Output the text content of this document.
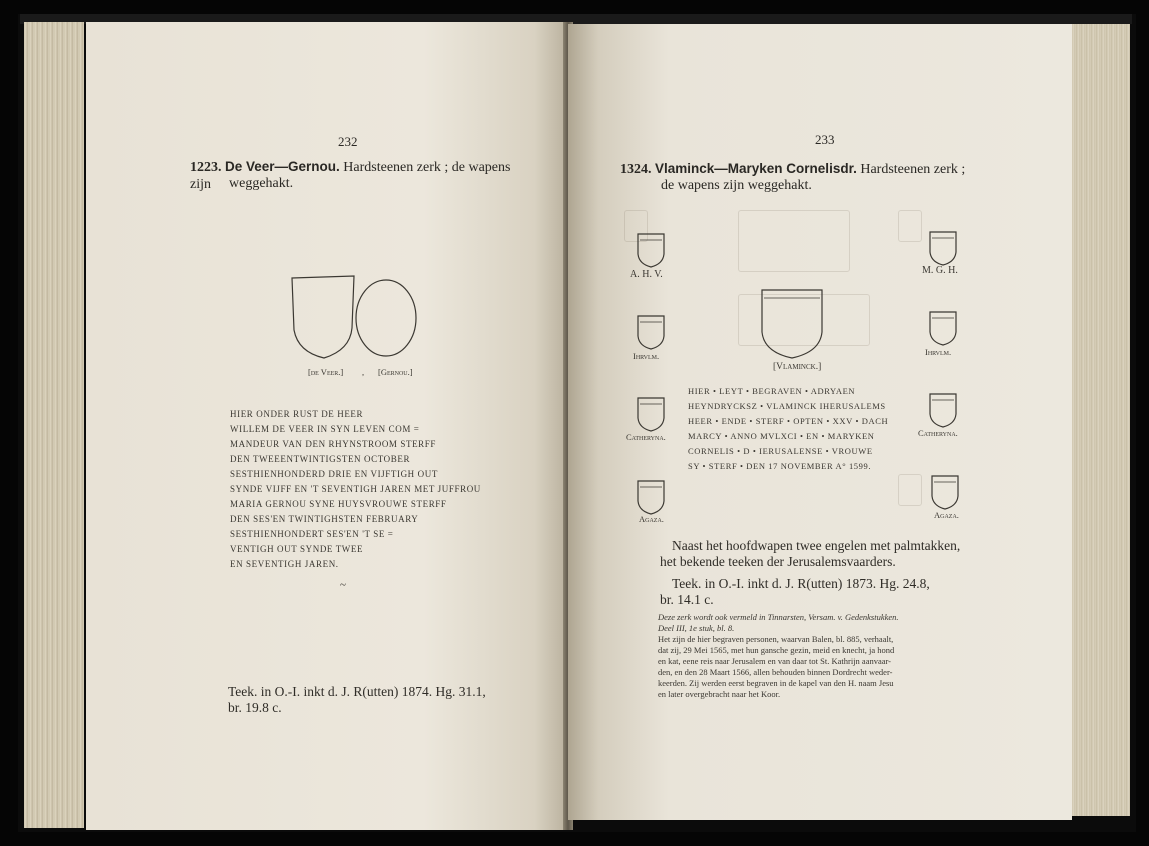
232
1223. De Veer—Gernou. Hardsteenen zerk ; de wapens zijn	weggehakt.
[de Veer.] , [Gernou.]
HIER ONDER RUST DE HEER
WILLEM DE VEER IN SYN LEVEN COM =
MANDEUR VAN DEN RHYNSTROOM STERFF
DEN TWEEENTWINTIGSTEN OCTOBER
SESTHIENHONDERD DRIE EN VIJFTIGH OUT
SYNDE VIJFF EN 'T SEVENTIGH JAREN MET JUFFROU
MARIA GERNOU SYNE HUYSVROUWE STERFF
DEN SES'EN TWINTIGHSTEN FEBRUARY
SESTHIENHONDERT SES'EN 'T SE =
VENTIGH OUT SYNDE TWEE
EN SEVENTIGH JAREN.
~
Teek. in O.-I. inkt d. J. R(utten) 1874. Hg. 31.1,
br. 19.8 c.
233
1324. Vlaminck—Maryken Cornelisdr. Hardsteenen zerk ;
de wapens zijn weggehakt.
A. H. V.
Ihrvlm.
Catheryna.
Agaza.
[Vlaminck.]
M. G. H.
Ihrvlm.
Catheryna.
Agaza.
HIER • LEYT • BEGRAVEN • ADRYAEN
HEYNDRYCKSZ • VLAMINCK IHERUSALEMS
HEER • ENDE • STERF • OPTEN • XXV • DACH
MARCY • ANNO MVLXCI • EN • MARYKEN
CORNELIS • D • IERUSALENSE • VROUWE
SY • STERF • DEN 17 NOVEMBER A° 1599.
Naast het hoofdwapen twee engelen met palmtakken,
het bekende teeken der Jerusalemsvaarders.
Teek. in O.-I. inkt d. J. R(utten) 1873. Hg. 24.8,
br. 14.1 c.
Deze zerk wordt ook vermeld in Tinnarsten, Versam. v. Gedenkstukken.
Deel III, 1e stuk, bl. 8.
Het zijn de hier begraven personen, waarvan Balen, bl. 885, verhaalt,
dat zij, 29 Mei 1565, met hun gansche gezin, meid en knecht, ja hond
en kat, eene reis naar Jerusalem en van daar tot St. Kathrijn aanvaar-
den, en den 28 Maart 1566, allen behouden binnen Dordrecht weder-
keerden. Zij werden eerst begraven in de kapel van den H. naam Jesu
en later overgebracht naar het Koor.
